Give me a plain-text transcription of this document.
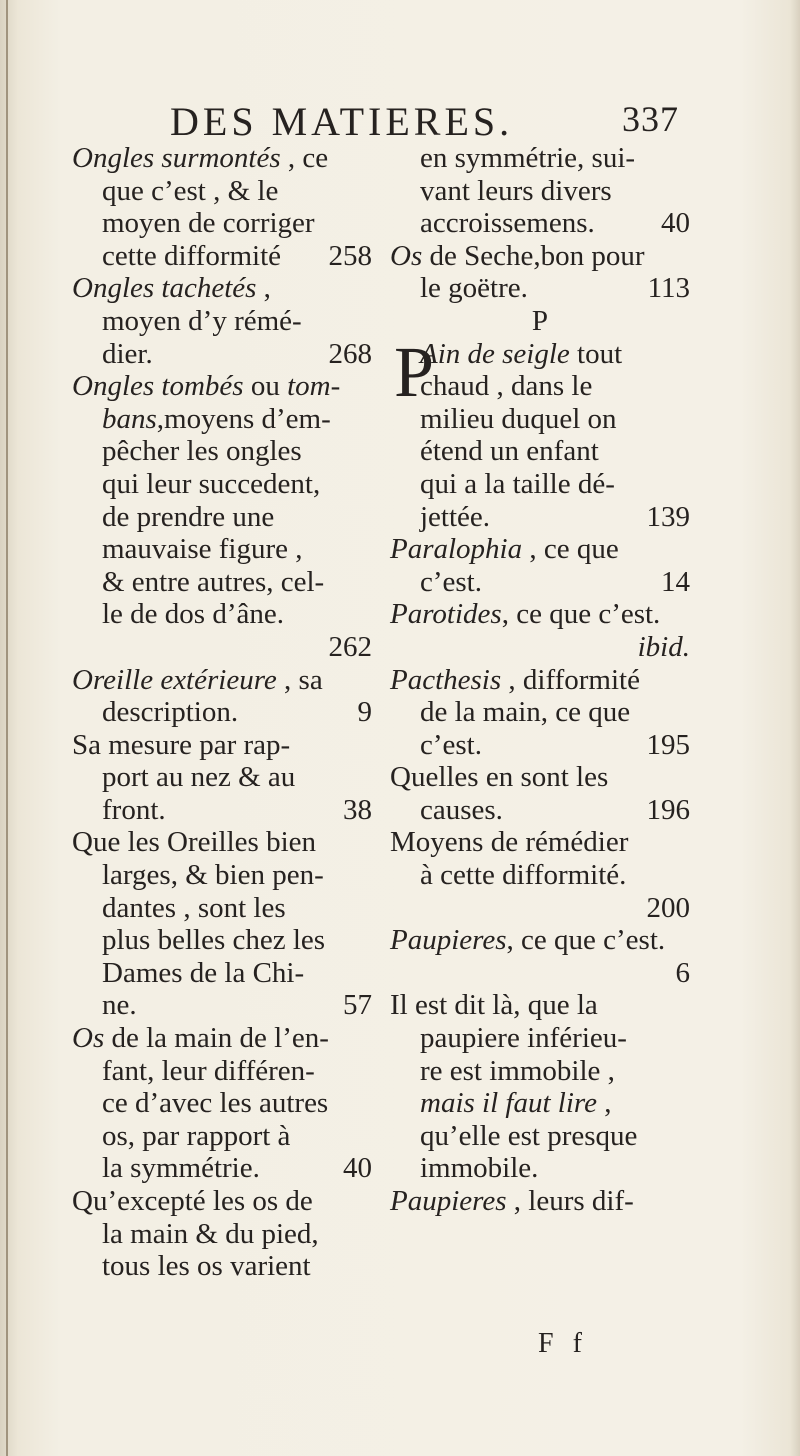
DES MATIERES.	337
Ongles surmontés , ce
que c’est , & le
moyen de corriger
cette difformité 258
Ongles tachetés ,
moyen d’y rémé-
dier.	268
Ongles tombés ou tom-
bans,moyens d’em-
pêcher les ongles
qui leur succedent,
de prendre une
mauvaise figure ,
& entre autres, cel-
le de dos d’âne.
262
Oreille extérieure , sa
description.	9
Sa mesure par rap-
port au nez & au
front.	38
Que les Oreilles bien
larges, & bien pen-
dantes , sont les
plus belles chez les
Dames de la Chi-
ne.	57
Os de la main de l’en-
fant, leur différen-
ce d’avec les autres
os, par rapport à
la symmétrie.	40
Qu’excepté les os de
la main & du pied,
tous les os varient
en symmétrie, sui-
vant leurs divers
accroissemens. 40
Os de Seche,bon pour
le goëtre.	113
P
P
Ain de seigle tout
chaud , dans le
milieu duquel on
étend un enfant
qui a la taille dé-
jettée.	139
Paralophia , ce que
c’est.	14
Parotides, ce que c’est.
ibid.
Pacthesis , difformité
de la main, ce que
c’est.	195
Quelles en sont les
causes.	196
Moyens de rémédier
à cette difformité.
200
Paupieres, ce que c’est.
6
Il est dit là, que la
paupiere inférieu-
re est immobile ,
mais il faut lire ,
qu’elle est presque
immobile.
Paupieres , leurs dif-
F f
